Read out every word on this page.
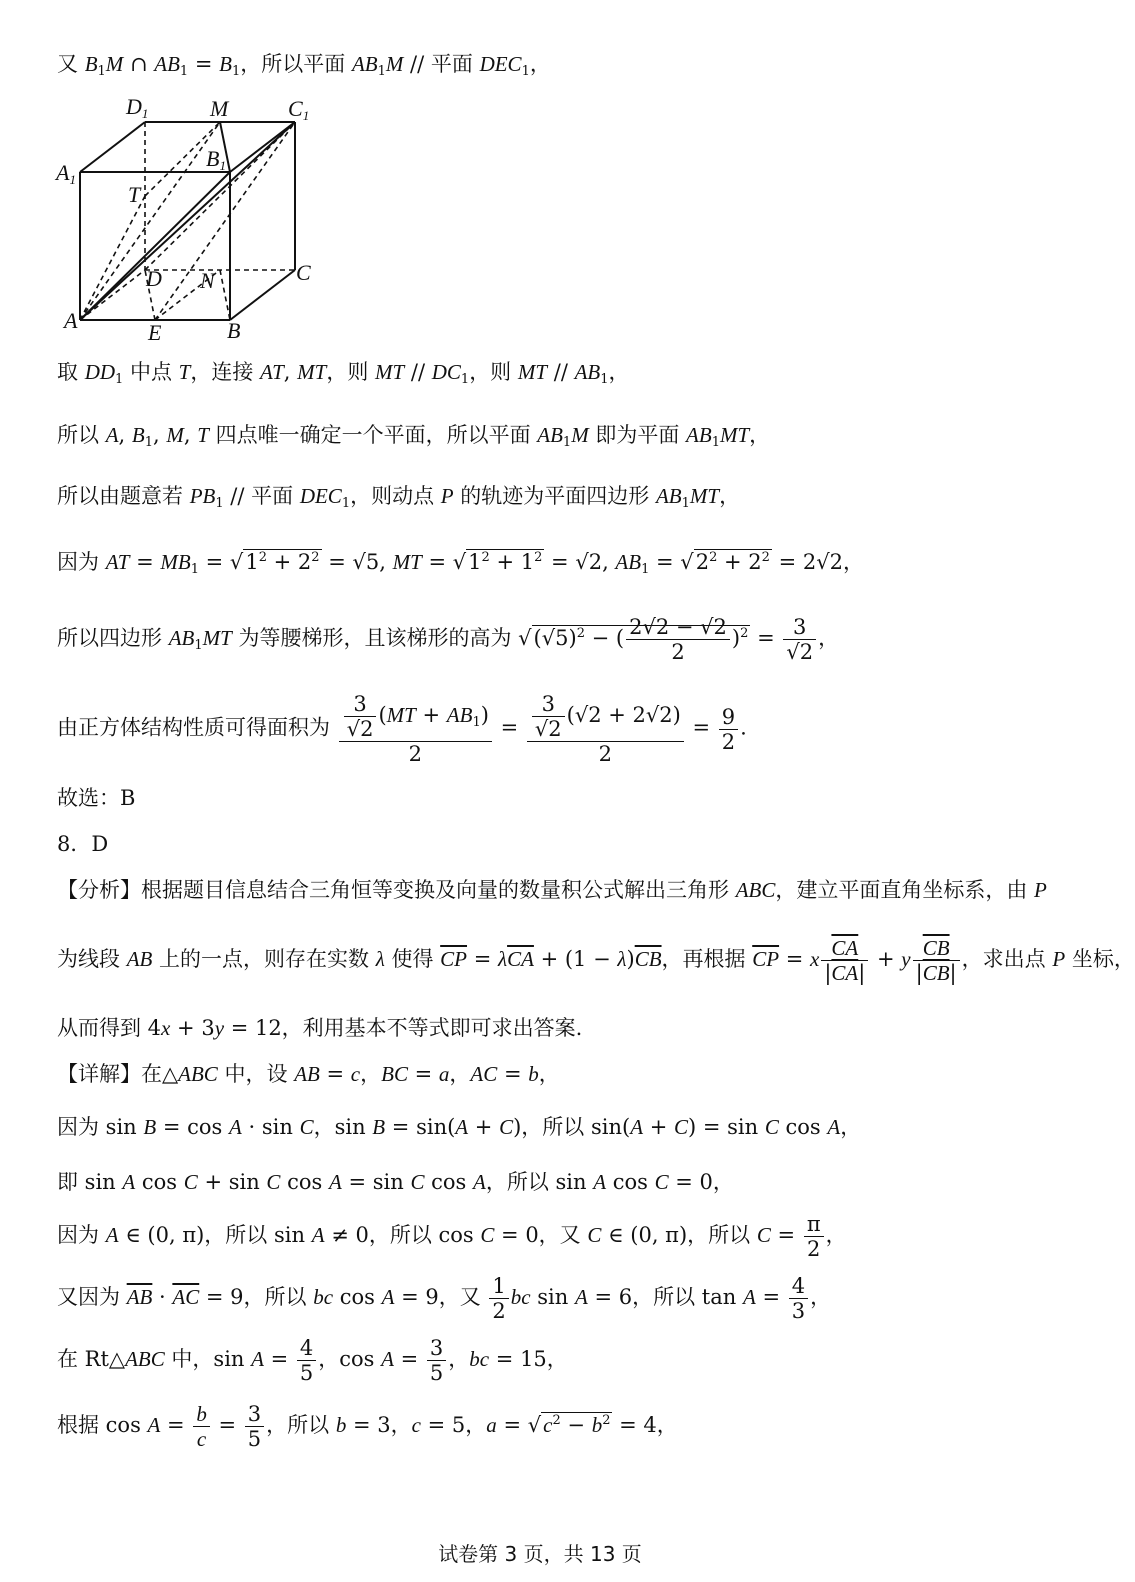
又 $B_1M$ ∩ $AB_1 = B_1$，所以平面 $AB_1M$ // 平面 $DEC_1$，
D1	M	C1
A1
B1
T
D N	C
A	E	B
取 $DD_1$ 中点 T，连接 AT, MT，则 MT // $DC_1$，则 MT // $AB_1$，
所以 A, $B_1$, M, T 四点唯一确定一个平面，所以平面 $AB_1M$ 即为平面 $AB_1MT$，
所以由题意若 $PB_1$ // 平面 $DEC_1$，则动点 P 的轨迹为平面四边形 $AB_1MT$，
因为 AT = $MB_1 = √1^2 + 2^2 = √5$, MT = $√1^2 + 1^2 = √2$, $AB_1 = √2^2 + 2^2 = 2√2$，
所以四边形 $AB_1MT$ 为等腰梯形，且该梯形的高为 $√(√5)^2$ − ( $\frac{2√2 - √2}{2} )^2 = \frac{3}{√2}$ ，
由正方体结构性质可得面积为 $\frac{\frac{3}{√2} (MT + AB_1)}{2} = \frac{\frac{3}{√2} (√2 + 2√2)}{2} = \frac{9}{2}$ .
故选：B
8．D
【分析】根据题目信息结合三角恒等变换及向量的数量积公式解出三角形 ABC，建立平面直角坐标系，由 P
为线段 AB 上的一点，则存在实数 λ 使得 $\overline{CP} = \lambda\overline{CA} + (1 - \lambda)\overline{CB}$，再根据 $\overline{CP} = x \frac{\overline{CA}}{|\overline{CA}|} + y \frac{\overline{CB}}{|\overline{CB}|}$ ，求出点 P 坐标，
从而得到 4x + 3y = 12，利用基本不等式即可求出答案.
【详解】在△ABC 中，设 AB = c，BC = a，AC = b，
因为 sin B = cos A · sin C，sin B = sin(A + C)，所以 sin(A + C) = sin C cos A，
即 sin A cos C + sin C cos A = sin C cos A，所以 sin A cos C = 0，
因为 A ∈ (0, π)，所以 sin A ≠ 0，所以 cos C = 0，又 C ∈ (0, π)，所以 $C = \frac{\pi}{2}$ ，
又因为 $\overline{AB} \cdot \overline{AC} = 9$，所以 bc cos A = 9，又 $\frac{1}{2}$ bc sin A = 6，所以 $\tan A = \frac{4}{3}$ ，
在 Rt△ABC 中，$\sin A = \frac{4}{5}$ ，$\cos A = \frac{3}{5}$ ，bc = 15，
根据 $\cos A = \frac{b}{c} = \frac{3}{5}$ ，所以 b = 3，c = 5，$a = √c^2 - b^2 = 4$，
试卷第 3 页，共 13 页
